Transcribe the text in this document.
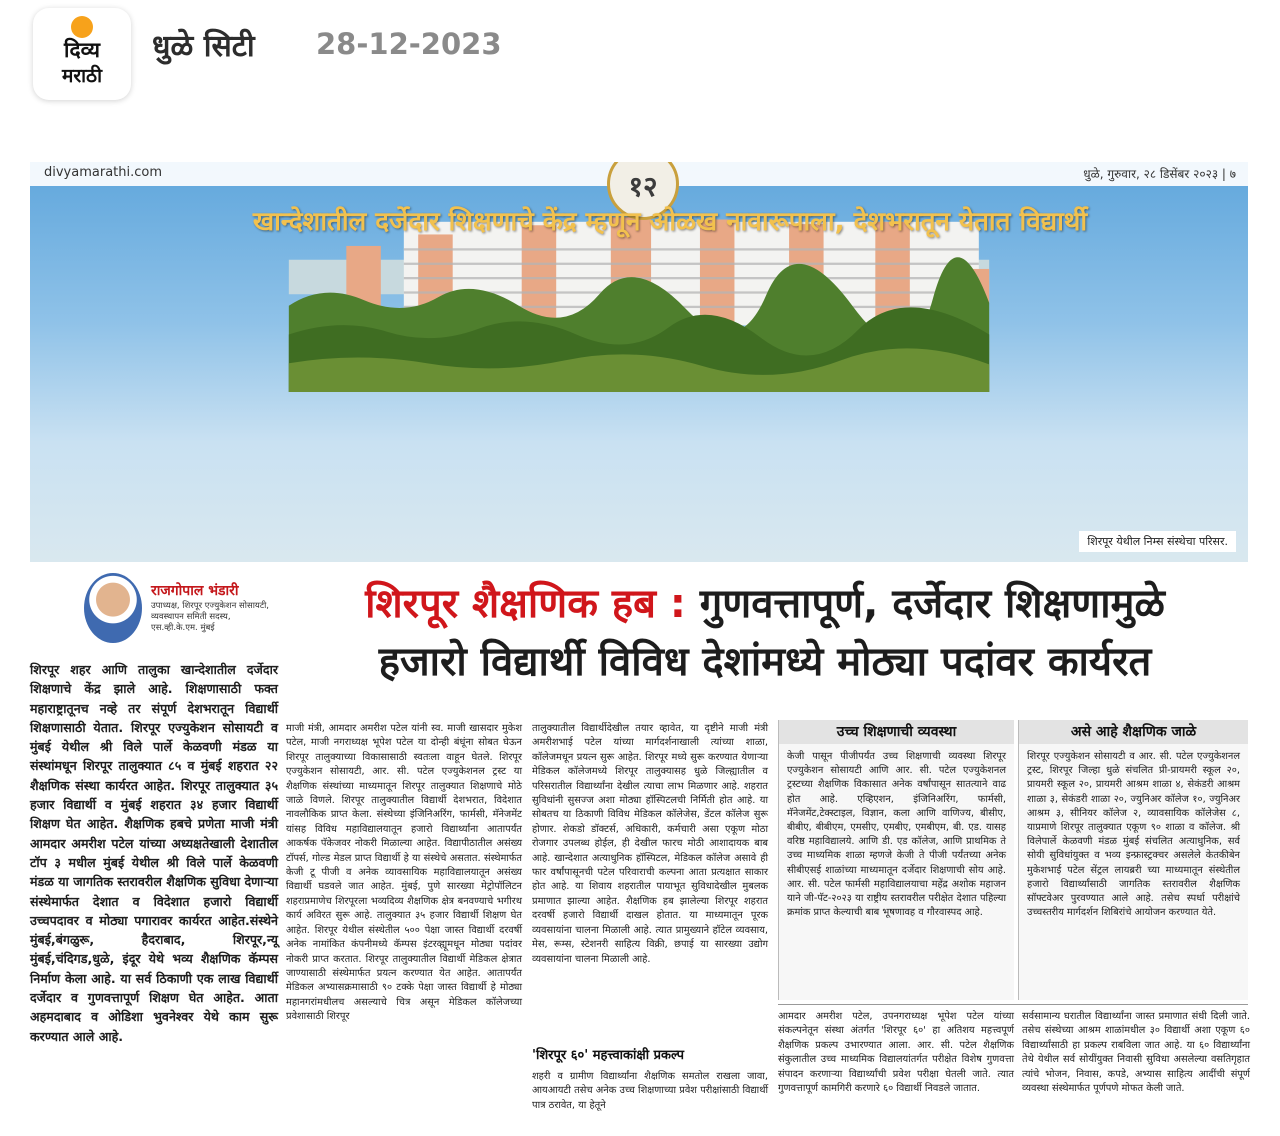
दिव्य
मराठी
धुळे सिटी 28-12-2023
divyamarathi.com	धुळे, गुरुवार, २८ डिसेंबर २०२३ | ७
१२
खान्देशातील दर्जेदार शिक्षणाचे केंद्र म्हणून ओळख नावारूपाला, देशभरातून येतात विद्यार्थी
शिरपूर येथील निम्स संस्थेचा परिसर.
राजगोपाल भंडारी
उपाध्यक्ष, शिरपूर एज्युकेशन सोसायटी, व्यवस्थापन समिती सदस्य, एस.व्ही.के.एम. मुंबई
शिरपूर शैक्षणिक हब : गुणवत्तापूर्ण, दर्जेदार शिक्षणामुळे
हजारो विद्यार्थी विविध देशांमध्ये मोठ्या पदांवर कार्यरत
शिरपूर शहर आणि तालुका खान्देशातील दर्जेदार शिक्षणाचे केंद्र झाले आहे. शिक्षणासाठी फक्त महाराष्ट्रातूनच नव्हे तर संपूर्ण देशभरातून विद्यार्थी शिक्षणासाठी येतात. शिरपूर एज्युकेशन सोसायटी व मुंबई येथील श्री विले पार्ले केळवणी मंडळ या संस्थांमधून शिरपूर तालुक्यात ८५ व मुंबई शहरात २२ शैक्षणिक संस्था कार्यरत आहेत. शिरपूर तालुक्यात ३५ हजार विद्यार्थी व मुंबई शहरात ३४ हजार विद्यार्थी शिक्षण घेत आहेत. शैक्षणिक हबचे प्रणेता माजी मंत्री आमदार अमरीश पटेल यांच्या अध्यक्षतेखाली देशातील टॉप ३ मधील मुंबई येथील श्री विले पार्ले केळवणी मंडळ या जागतिक स्तरावरील शैक्षणिक सुविधा देणाऱ्या संस्थेमार्फत देशात व विदेशात हजारो विद्यार्थी उच्चपदावर व मोठ्या पगारावर कार्यरत आहेत.संस्थेने मुंबई,बंगळुरू, हैदराबाद, शिरपूर,न्यू मुंबई,चंदिगड,धुळे, इंदूर येथे भव्य शैक्षणिक कॅम्पस निर्माण केला आहे. या सर्व ठिकाणी एक लाख विद्यार्थी दर्जेदार व गुणवत्तापूर्ण शिक्षण घेत आहेत. आता अहमदाबाद व ओडिशा भुवनेश्वर येथे काम सुरू करण्यात आले आहे.
माजी मंत्री, आमदार अमरीश पटेल यांनी स्व. माजी खासदार मुकेश पटेल, माजी नगराध्यक्ष भूपेश पटेल या दोन्ही बंधूंना सोबत घेऊन शिरपूर तालुक्याच्या विकासासाठी स्वतःला वाहून घेतले. शिरपूर एज्युकेशन सोसायटी, आर. सी. पटेल एज्युकेशनल ट्रस्ट या शैक्षणिक संस्थांच्या माध्यमातून शिरपूर तालुक्यात शिक्षणाचे मोठे जाळे विणले. शिरपूर तालुक्यातील विद्यार्थी देशभरात, विदेशात नावलौकिक प्राप्त केला. संस्थेच्या इंजिनिअरिंग, फार्मसी, मॅनेजमेंट यांसह विविध महाविद्यालयातून हजारो विद्यार्थ्यांना आतापर्यंत आकर्षक पॅकेजवर नोकरी मिळाल्या आहेत. विद्यापीठातील असंख्य टॉपर्स, गोल्ड मेडल प्राप्त विद्यार्थी हे या संस्थेचे असतात. संस्थेमार्फत केजी टू पीजी व अनेक व्यावसायिक महाविद्यालयातून असंख्य विद्यार्थी घडवले जात आहेत. मुंबई, पुणे सारख्या मेट्रोपॉलिटन शहराप्रमाणेच शिरपूरला भव्यदिव्य शैक्षणिक क्षेत्र बनवण्याचे भगीरथ कार्य अविरत सुरू आहे. तालुक्यात ३५ हजार विद्यार्थी शिक्षण घेत आहेत. शिरपूर येथील संस्थेतील ५०० पेक्षा जास्त विद्यार्थी दरवर्षी अनेक नामांकित कंपनीमध्ये कॅम्पस इंटरव्ह्यूमधून मोठ्या पदांवर नोकरी प्राप्त करतात. शिरपूर तालुक्यातील विद्यार्थी मेडिकल क्षेत्रात जाण्यासाठी संस्थेमार्फत प्रयत्न करण्यात येत आहेत. आतापर्यंत मेडिकल अभ्यासक्रमासाठी ९० टक्के पेक्षा जास्त विद्यार्थी हे मोठ्या महानगरांमधीलच असल्याचे चित्र असून मेडिकल कॉलेजच्या प्रवेशासाठी शिरपूर
तालुक्यातील विद्यार्थीदेखील तयार व्हावेत, या दृष्टीने माजी मंत्री अमरीशभाई पटेल यांच्या मार्गदर्शनाखाली त्यांच्या शाळा, कॉलेजमधून प्रयत्न सुरू आहेत. शिरपूर मध्ये सुरू करण्यात येणाऱ्या मेडिकल कॉलेजमध्ये शिरपूर तालुक्यासह धुळे जिल्ह्यातील व परिसरातील विद्यार्थ्यांना देखील त्याचा लाभ मिळणार आहे. शहरात सुविधांनी सुसज्ज अशा मोठ्या हॉस्पिटलची निर्मिती होत आहे. या सोबतच या ठिकाणी विविध मेडिकल कॉलेजेस, डेंटल कॉलेज सुरू होणार. शेकडो डॉक्टर्स, अधिकारी, कर्मचारी असा एकूण मोठा रोजगार उपलब्ध होईल, ही देखील फारच मोठी आशादायक बाब आहे. खान्देशात अत्याधुनिक हॉस्पिटल, मेडिकल कॉलेज असावे ही फार वर्षांपासूनची पटेल परिवाराची कल्पना आता प्रत्यक्षात साकार होत आहे. या शिवाय शहरातील पायाभूत सुविधादेखील मुबलक प्रमाणात झाल्या आहेत. शैक्षणिक हब झालेल्या शिरपूर शहरात दरवर्षी हजारो विद्यार्थी दाखल होतात. या माध्यमातून पूरक व्यवसायांना चालना मिळाली आहे. त्यात प्रामुख्याने हॉटेल व्यवसाय, मेस, रूम्स, स्टेशनरी साहित्य विक्री, छपाई या सारख्या उद्योग व्यवसायांना चालना मिळाली आहे.
'शिरपूर ६०' महत्त्वाकांक्षी प्रकल्प
शहरी व ग्रामीण विद्यार्थ्यांना शैक्षणिक समतोल राखला जावा, आयआयटी तसेच अनेक उच्च शिक्षणाच्या प्रवेश परीक्षांसाठी विद्यार्थी पात्र ठरावेत, या हेतूने
उच्च शिक्षणाची व्यवस्था
केजी पासून पीजीपर्यंत उच्च शिक्षणाची व्यवस्था शिरपूर एज्युकेशन सोसायटी आणि आर. सी. पटेल एज्युकेशनल ट्रस्टच्या शैक्षणिक विकासात अनेक वर्षांपासून सातत्याने वाढ होत आहे. एव्हिएशन, इंजिनिअरिंग, फार्मसी, मॅनेजमेंट,टेक्स्टाइल, विज्ञान, कला आणि वाणिज्य, बीसीए, बीबीए, बीबीएम, एमसीए, एमबीए, एमबीएम, बी. एड. यासह वरिष्ठ महाविद्यालये. आणि डी. एड कॉलेज, आणि प्राथमिक ते उच्च माध्यमिक शाळा म्हणजे केजी ते पीजी पर्यंतच्या अनेक सीबीएसई शाळांच्या माध्यमातून दर्जेदार शिक्षणाची सोय आहे. आर. सी. पटेल फार्मसी महाविद्यालयाचा महेंद्र अशोक महाजन याने जी-पॅट-२०२३ या राष्ट्रीय स्तरावरील परीक्षेत देशात पहिल्या क्रमांक प्राप्त केल्याची बाब भूषणावह व गौरवास्पद आहे.
असे आहे शैक्षणिक जाळे
शिरपूर एज्युकेशन सोसायटी व आर. सी. पटेल एज्युकेशनल ट्रस्ट, शिरपूर जिल्हा धुळे संचलित प्री-प्रायमरी स्कूल २०, प्रायमरी स्कूल २०, प्रायमरी आश्रम शाळा ४, सेकंडरी आश्रम शाळा ३, सेकंडरी शाळा २०, ज्युनिअर कॉलेज १०, ज्युनिअर आश्रम ३, सीनियर कॉलेज २, व्यावसायिक कॉलेजेस ८, याप्रमाणे शिरपूर तालुक्यात एकूण ९० शाळा व कॉलेज. श्री विलेपार्ले केळवणी मंडळ मुंबई संचलित अत्याधुनिक, सर्व सोयी सुविधांयुक्त व भव्य इन्फ्रास्ट्रक्चर असलेले केतकीबेन मुकेशभाई पटेल सेंट्रल लायब्ररी च्या माध्यमातून संस्थेतील हजारो विद्यार्थ्यांसाठी जागतिक स्तरावरील शैक्षणिक सॉफ्टवेअर पुरवण्यात आले आहे. तसेच स्पर्धा परीक्षांचे उच्चस्तरीय मार्गदर्शन शिबिरांचे आयोजन करण्यात येते.
आमदार अमरीश पटेल, उपनगराध्यक्ष भूपेश पटेल यांच्या संकल्पनेतून संस्था अंतर्गत 'शिरपूर ६०' हा अतिशय महत्त्वपूर्ण शैक्षणिक प्रकल्प उभारण्यात आला. आर. सी. पटेल शैक्षणिक संकुलातील उच्च माध्यमिक विद्यालयांतर्गत परीक्षेत विशेष गुणवत्ता संपादन करणाऱ्या विद्यार्थ्यांची प्रवेश परीक्षा घेतली जाते. त्यात गुणवत्तापूर्ण कामगिरी करणारे ६० विद्यार्थी निवडले जातात.
सर्वसामान्य घरातील विद्यार्थ्यांना जास्त प्रमाणात संधी दिली जाते. तसेच संस्थेच्या आश्रम शाळांमधील ३० विद्यार्थी अशा एकूण ६० विद्यार्थ्यांसाठी हा प्रकल्प राबविला जात आहे. या ६० विद्यार्थ्यांना तेथे येथील सर्व सोयींयुक्त निवासी सुविधा असलेल्या वसतिगृहात त्यांचे भोजन, निवास, कपडे, अभ्यास साहित्य आदींची संपूर्ण व्यवस्था संस्थेमार्फत पूर्णपणे मोफत केली जाते.
